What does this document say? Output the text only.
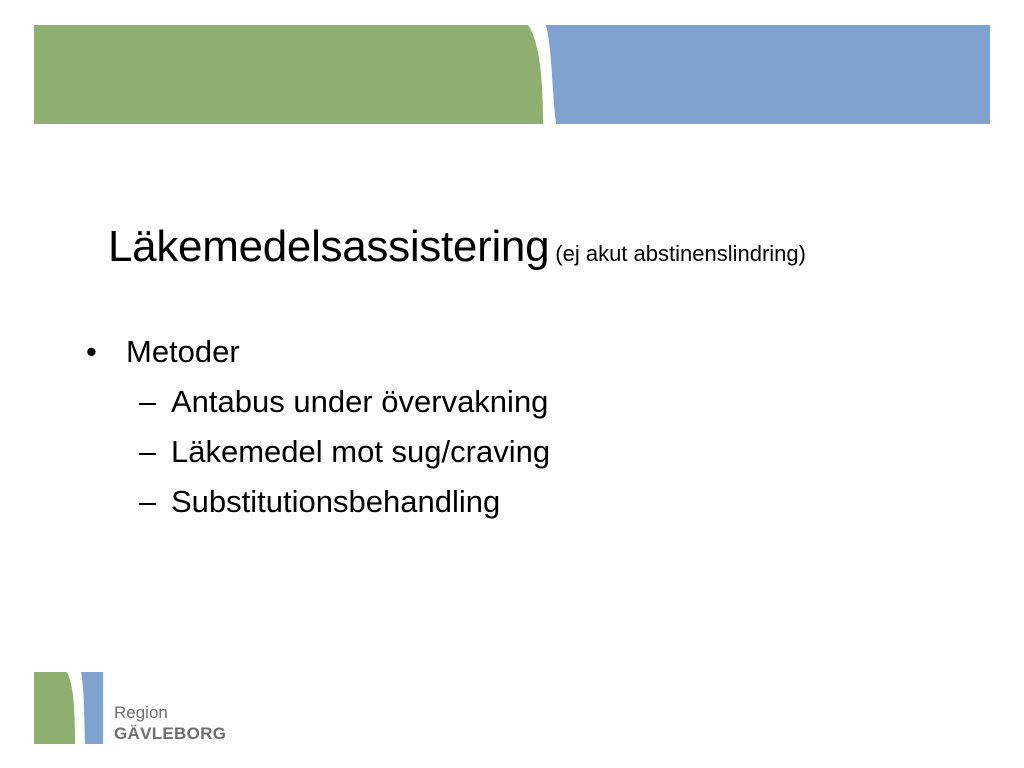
Läkemedelsassistering (ej akut abstinenslindring)
• Metoder
– Antabus under övervakning
– Läkemedel mot sug/craving
– Substitutionsbehandling
Region
GÄVLEBORG
